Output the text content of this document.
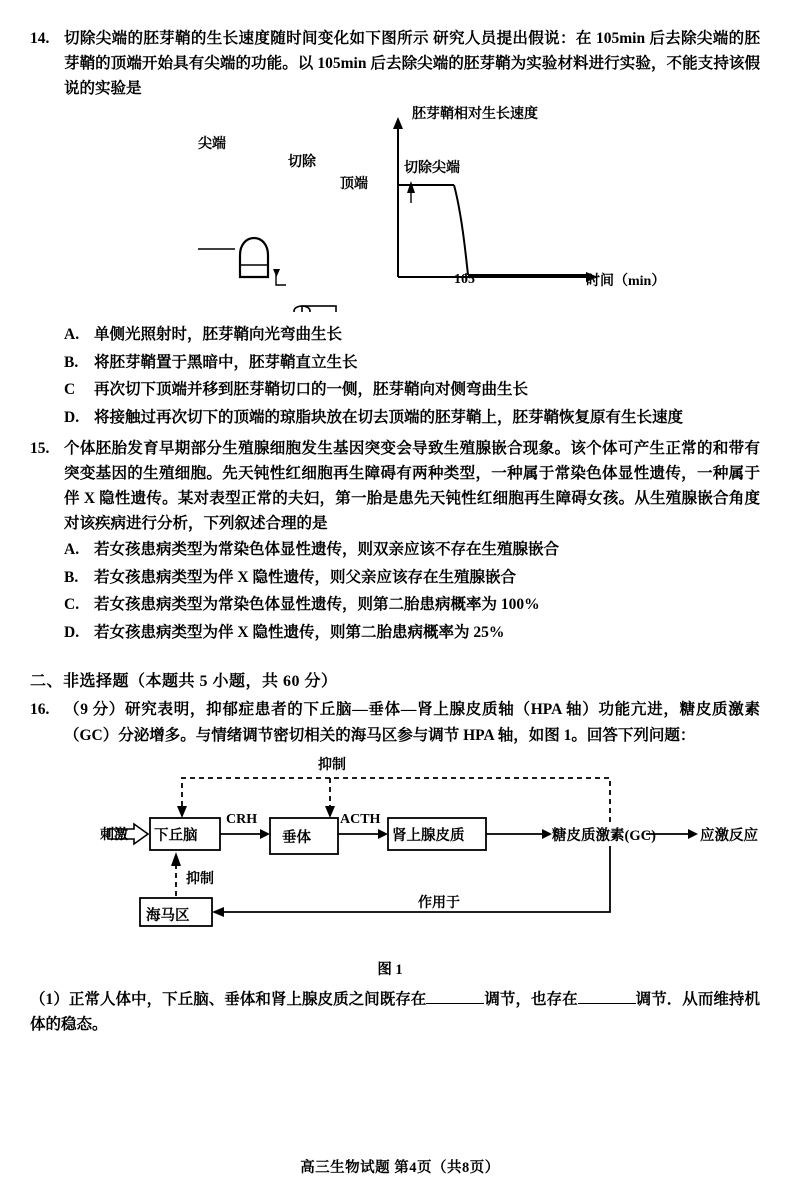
14. 切除尖端的胚芽鞘的生长速度随时间变化如下图所示 研究人员提出假说：在 105min 后去除尖端的胚芽鞘的顶端开始具有尖端的功能。以 105min 后去除尖端的胚芽鞘为实验材料进行实验，不能支持该假说的实验是
尖端
切除
顶端
胚芽鞘相对生长速度
切除尖端
105	时间（min）
A. 单侧光照射时，胚芽鞘向光弯曲生长
B.	将胚芽鞘置于黑暗中，胚芽鞘直立生长
C	再次切下顶端并移到胚芽鞘切口的一侧，胚芽鞘向对侧弯曲生长
D. 将接触过再次切下的顶端的琼脂块放在切去顶端的胚芽鞘上，胚芽鞘恢复原有生长速度
15. 个体胚胎发育早期部分生殖腺细胞发生基因突变会导致生殖腺嵌合现象。该个体可产生正常的和带有突变基因的生殖细胞。先天钝性红细胞再生障碍有两种类型，一种属于常染色体显性遗传，一种属于伴 X 隐性遗传。某对表型正常的夫妇，第一胎是患先天钝性红细胞再生障碍女孩。从生殖腺嵌合角度对该疾病进行分析，下列叙述合理的是
A. 若女孩患病类型为常染色体显性遗传，则双亲应该不存在生殖腺嵌合
B.	若女孩患病类型为伴 X 隐性遗传，则父亲应该存在生殖腺嵌合
C. 若女孩患病类型为常染色体显性遗传，则第二胎患病概率为 100%
D. 若女孩患病类型为伴 X 隐性遗传，则第二胎患病概率为 25%
二、非选择题（本题共 5 小题，共 60 分）
16. （9 分）研究表明，抑郁症患者的下丘脑—垂体—肾上腺皮质轴（HPA 轴）功能亢进，糖皮质激素（GC）分泌增多。与情绪调节密切相关的海马区参与调节 HPA 轴，如图 1。回答下列问题：
刺激 下丘脑	垂体	肾上腺皮质	糖皮质激素(GC)	应激反应
海马区
CRH	ACTH
抑制
抑制
作用于
图 1
（1）正常人体中，下丘脑、垂体和肾上腺皮质之间既存在	调节，也存在	调节．从而维持机体的稳态。
高三生物试题 第4页（共8页）
